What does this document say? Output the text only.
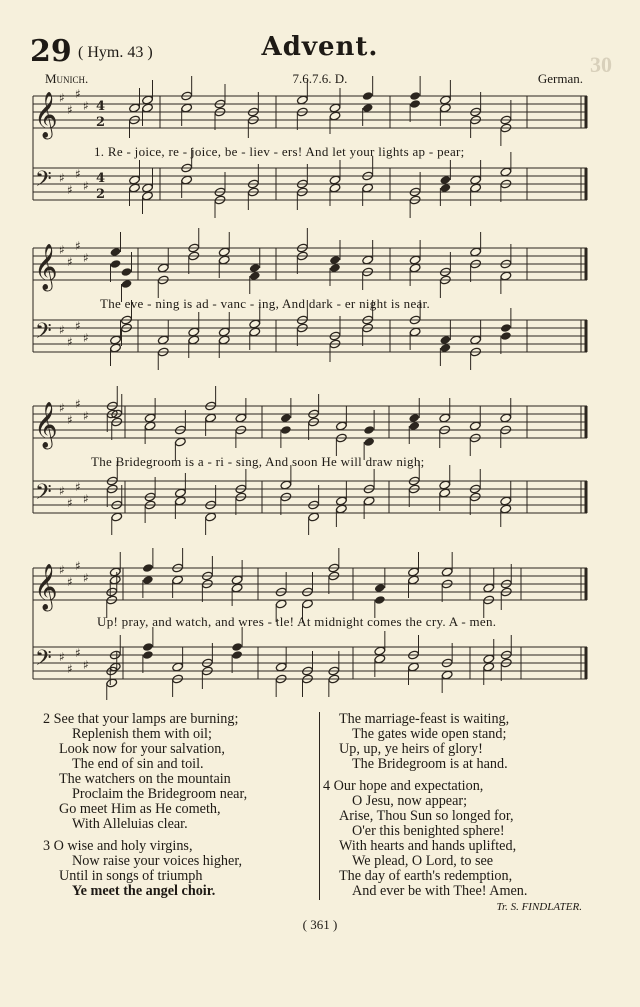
29 ( Hym. 43 )	Advent.
30
Munich.	7.6.7.6. D.	German.
𝄞 ♯
♯
♯
♯ 4
2
𝄢 ♯
♯
♯
♯ 4
2
𝄞 ♯
♯
♯
♯
𝄢 ♯
♯
♯
♯
𝄞 ♯
♯
♯
♯
𝄢 ♯
♯
♯
♯
𝄞 ♯
♯
♯
♯
𝄢 ♯
♯
♯
♯
1. Re - joice, re - joice, be - liev - ers! And let your lights ap - pear;
The eve - ning is ad - vanc - ing, And dark - er night is near.
The Bridegroom is a - ri - sing, And soon He will draw nigh;
Up! pray, and watch, and wres - tle! At midnight comes the cry. A - men.
2 See that your lamps are burning;
Replenish them with oil;
Look now for your salvation,
The end of sin and toil.
The watchers on the mountain
Proclaim the Bridegroom near,
Go meet Him as He cometh,
With Alleluias clear.
3 O wise and holy virgins,
Now raise your voices higher,
Until in songs of triumph
Ye meet the angel choir.
The marriage-feast is waiting,
The gates wide open stand;
Up, up, ye heirs of glory!
The Bridegroom is at hand.
4 Our hope and expectation,
O Jesu, now appear;
Arise, Thou Sun so longed for,
O'er this benighted sphere!
With hearts and hands uplifted,
We plead, O Lord, to see
The day of earth's redemption,
And ever be with Thee! Amen.
Tr. S. FINDLATER.
( 361 )
